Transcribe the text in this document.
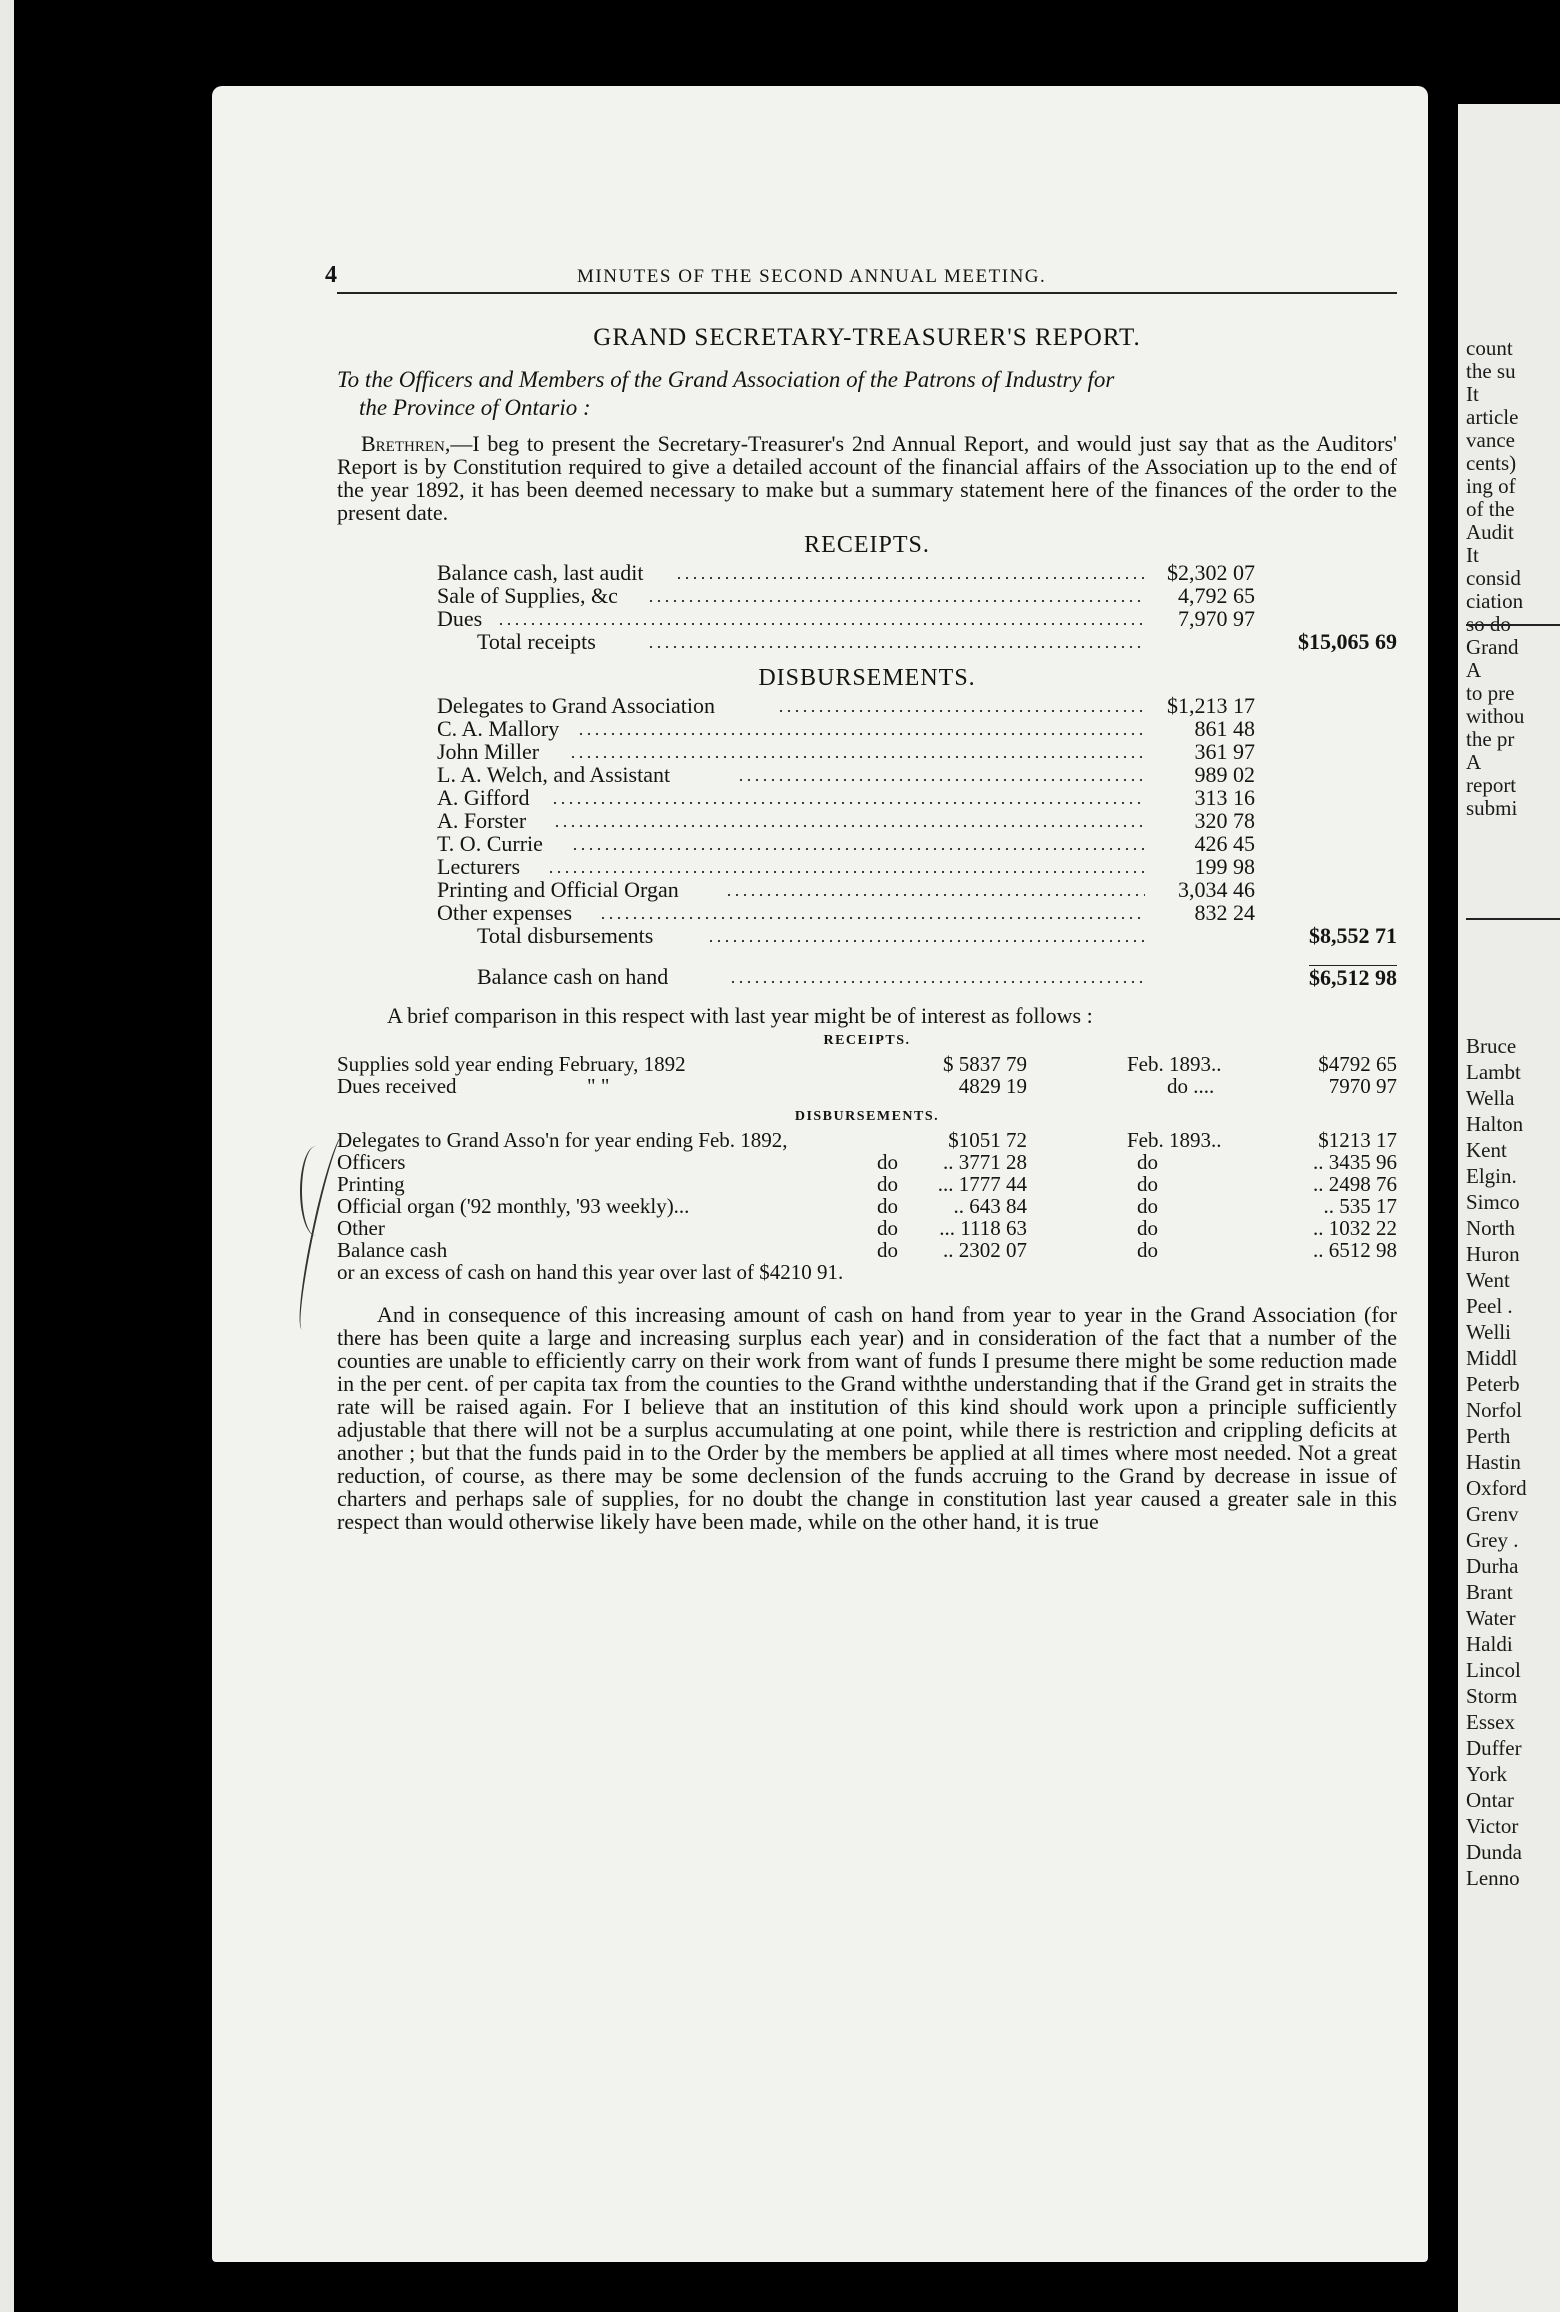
4	MINUTES OF THE SECOND ANNUAL MEETING.
GRAND SECRETARY-TREASURER'S REPORT.
To the Officers and Members of the Grand Association of the Patrons of Industry for
the Province of Ontario :
Brethren,—I beg to present the Secretary-Treasurer's 2nd Annual Report, and would just say that as the Auditors' Report is by Constitution required to give a detailed account of the financial affairs of the Association up to the end of the year 1892, it has been deemed necessary to make but a summary statement here of the finances of the order to the present date.
RECEIPTS.
Balance cash, last audit	$2,302 07
Sale of Supplies, &c	4,792 65
Dues	7,970 97
Total receipts	$15,065 69
DISBURSEMENTS.
Delegates to Grand Association	$1,213 17
C. A. Mallory	861 48
John Miller	361 97
L. A. Welch, and Assistant	989 02
A. Gifford	313 16
A. Forster	320 78
T. O. Currie	426 45
Lecturers	199 98
Printing and Official Organ	3,034 46
Other expenses	832 24
Total disbursements	$8,552 71
Balance cash on hand	$6,512 98
A brief comparison in this respect with last year might be of interest as follows :
RECEIPTS.
Supplies sold year ending February, 1892	$ 5837 79	Feb. 1893..	$4792 65
Dues received	" "	4829 19	do ....	7970 97
DISBURSEMENTS.
Delegates to Grand Asso'n for year ending Feb. 1892,	$1051 72	Feb. 1893..	$1213 17
Officers	do .. 3771 28	do	.. 3435 96
Printing	do ... 1777 44	do	.. 2498 76
Official organ ('92 monthly, '93 weekly)...	do	.. 643 84	do	.. 535 17
Other	do ... 1118 63	do	.. 1032 22
Balance cash	do .. 2302 07	do	.. 6512 98
or an excess of cash on hand this year over last of $4210 91.
And in consequence of this increasing amount of cash on hand from year to year in the Grand Association (for there has been quite a large and increasing surplus each year) and in consideration of the fact that a number of the counties are unable to efficiently carry on their work from want of funds I presume there might be some reduction made in the per cent. of per capita tax from the counties to the Grand withthe understanding that if the Grand get in straits the rate will be raised again. For I believe that an institution of this kind should work upon a principle sufficiently adjustable that there will not be a surplus accumulating at one point, while there is restriction and crippling deficits at another ; but that the funds paid in to the Order by the members be applied at all times where most needed. Not a great reduction, of course, as there may be some declension of the funds accruing to the Grand by decrease in issue of charters and perhaps sale of supplies, for no doubt the change in constitution last year caused a greater sale in this respect than would otherwise likely have been made, while on the other hand, it is true
count
the su
It
article
vance
cents)
ing of
of the
Audit
It
consid
ciation
so do
Grand
A
to pre
withou
the pr
A
report
submi
Bruce
Lambt
Wella
Halton
Kent
Elgin.
Simco
North
Huron
Went
Peel .
Welli
Middl
Peterb
Norfol
Perth
Hastin
Oxford
Grenv
Grey .
Durha
Brant
Water
Haldi
Lincol
Storm
Essex
Duffer
York
Ontar
Victor
Dunda
Lenno
